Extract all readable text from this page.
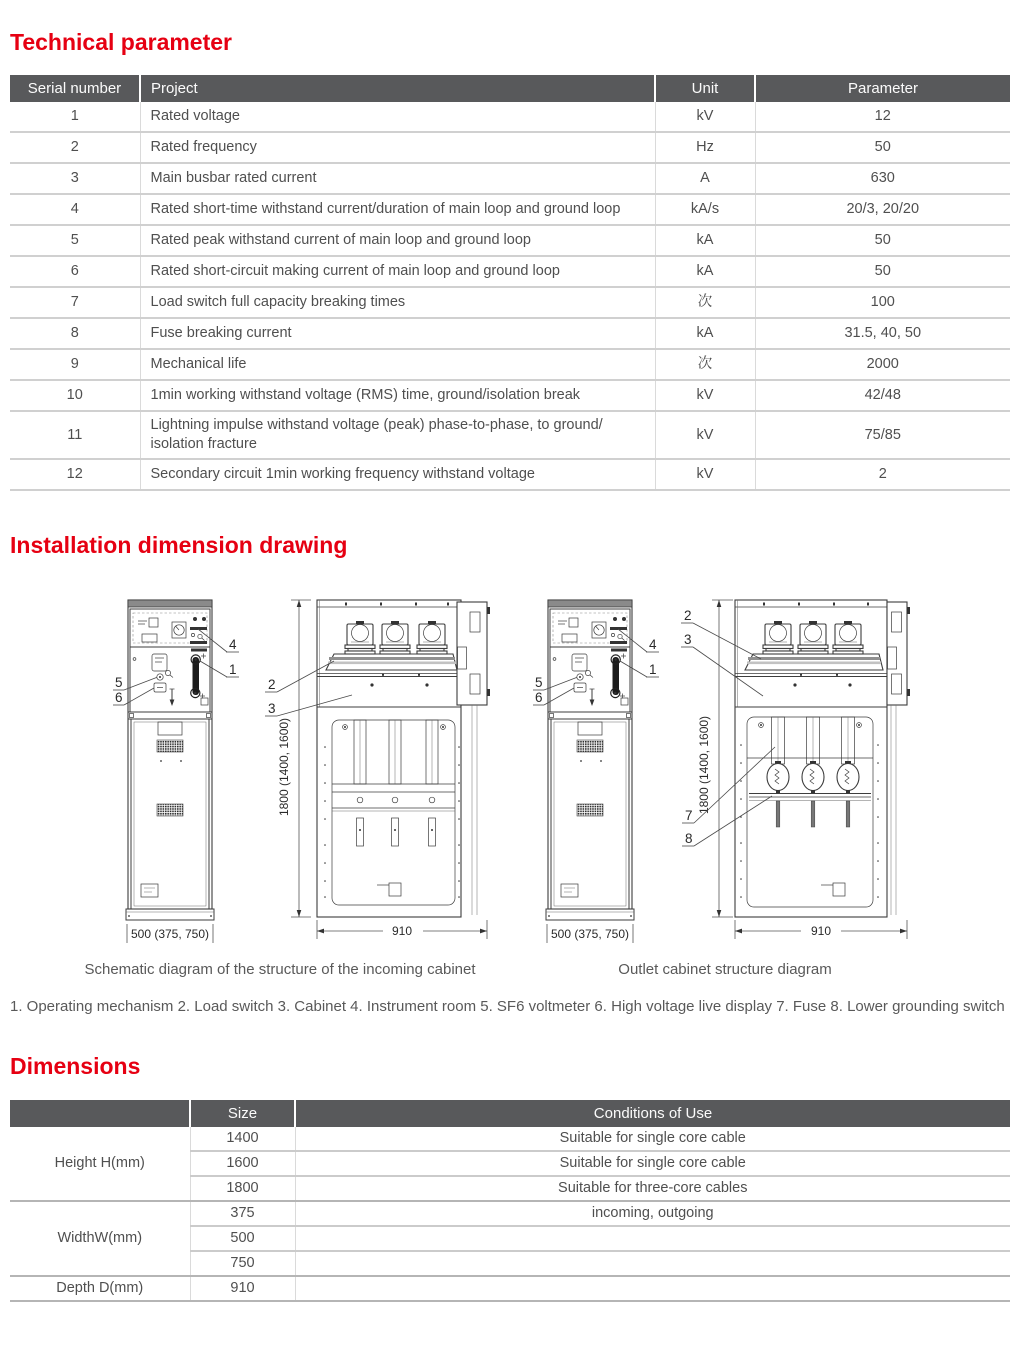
Technical parameter
Serial number	Project	Unit	Parameter
1	Rated voltage	kV	12
2	Rated frequency	Hz	50
3	Main busbar rated current	A	630
4	Rated short-time withstand current/duration of main loop and ground loop	kA/s	20/3, 20/20
5	Rated peak withstand current of main loop and ground loop	kA	50
6	Rated short-circuit making current of main loop and ground loop	kA	50
7	Load switch full capacity breaking times	次	100
8	Fuse breaking current	kA	31.5, 40, 50
9	Mechanical life	次	2000
10	1min working withstand voltage (RMS) time, ground/isolation break	kV	42/48
11	Lightning impulse withstand voltage (peak) phase-to-phase, to ground/ isolation fracture	kV	75/85
12	Secondary circuit 1min working frequency withstand voltage	kV	2
Installation dimension drawing
500 (375, 750)
4
1
5
6
1800 (1400, 1600)
910
2
3
500 (375, 750)
4
1
5
6
1800 (1400, 1600)
910
2
3
7
8
Schematic diagram of the structure of the incoming cabinet	Outlet cabinet structure diagram

1. Operating mechanism 2. Load switch 3. Cabinet 4. Instrument room 5. SF6 voltmeter 6. High voltage live display 7. Fuse 8. Lower grounding switch

Dimensions
	Size	Conditions of Use
Height H(mm)	1400	Suitable for single core cable
	1600	Suitable for single core cable
	1800	Suitable for three-core cables
WidthW(mm)	375	incoming, outgoing
	500	
	750	
Depth D(mm)	910	
